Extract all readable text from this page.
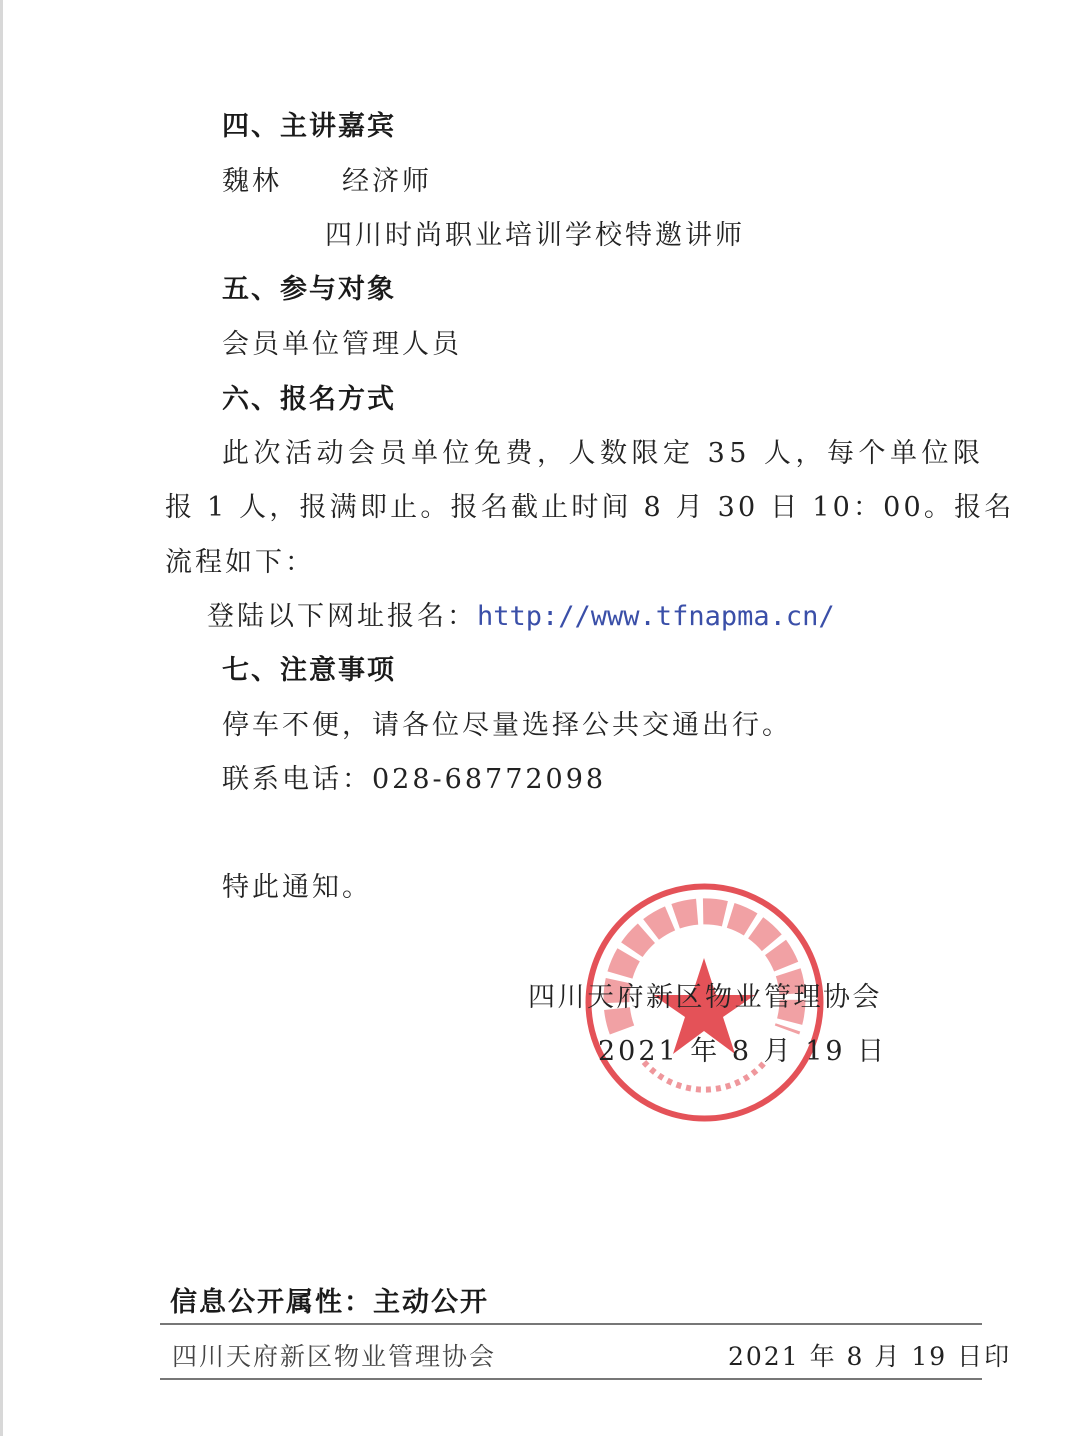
四、主讲嘉宾
魏林　　经济师
四川时尚职业培训学校特邀讲师
五、参与对象
会员单位管理人员
六、报名方式
此次活动会员单位免费，人数限定 35 人，每个单位限
报 1 人，报满即止。报名截止时间 8 月 30 日 10：00。报名
流程如下：
登陆以下网址报名：http://www.tfnapma.cn/
七、注意事项
停车不便，请各位尽量选择公共交通出行。
联系电话：028-68772098
特此通知。
四川天府新区物业管理协会
2021 年 8 月 19 日
信息公开属性：主动公开
四川天府新区物业管理协会	2021 年 8 月 19 日印
